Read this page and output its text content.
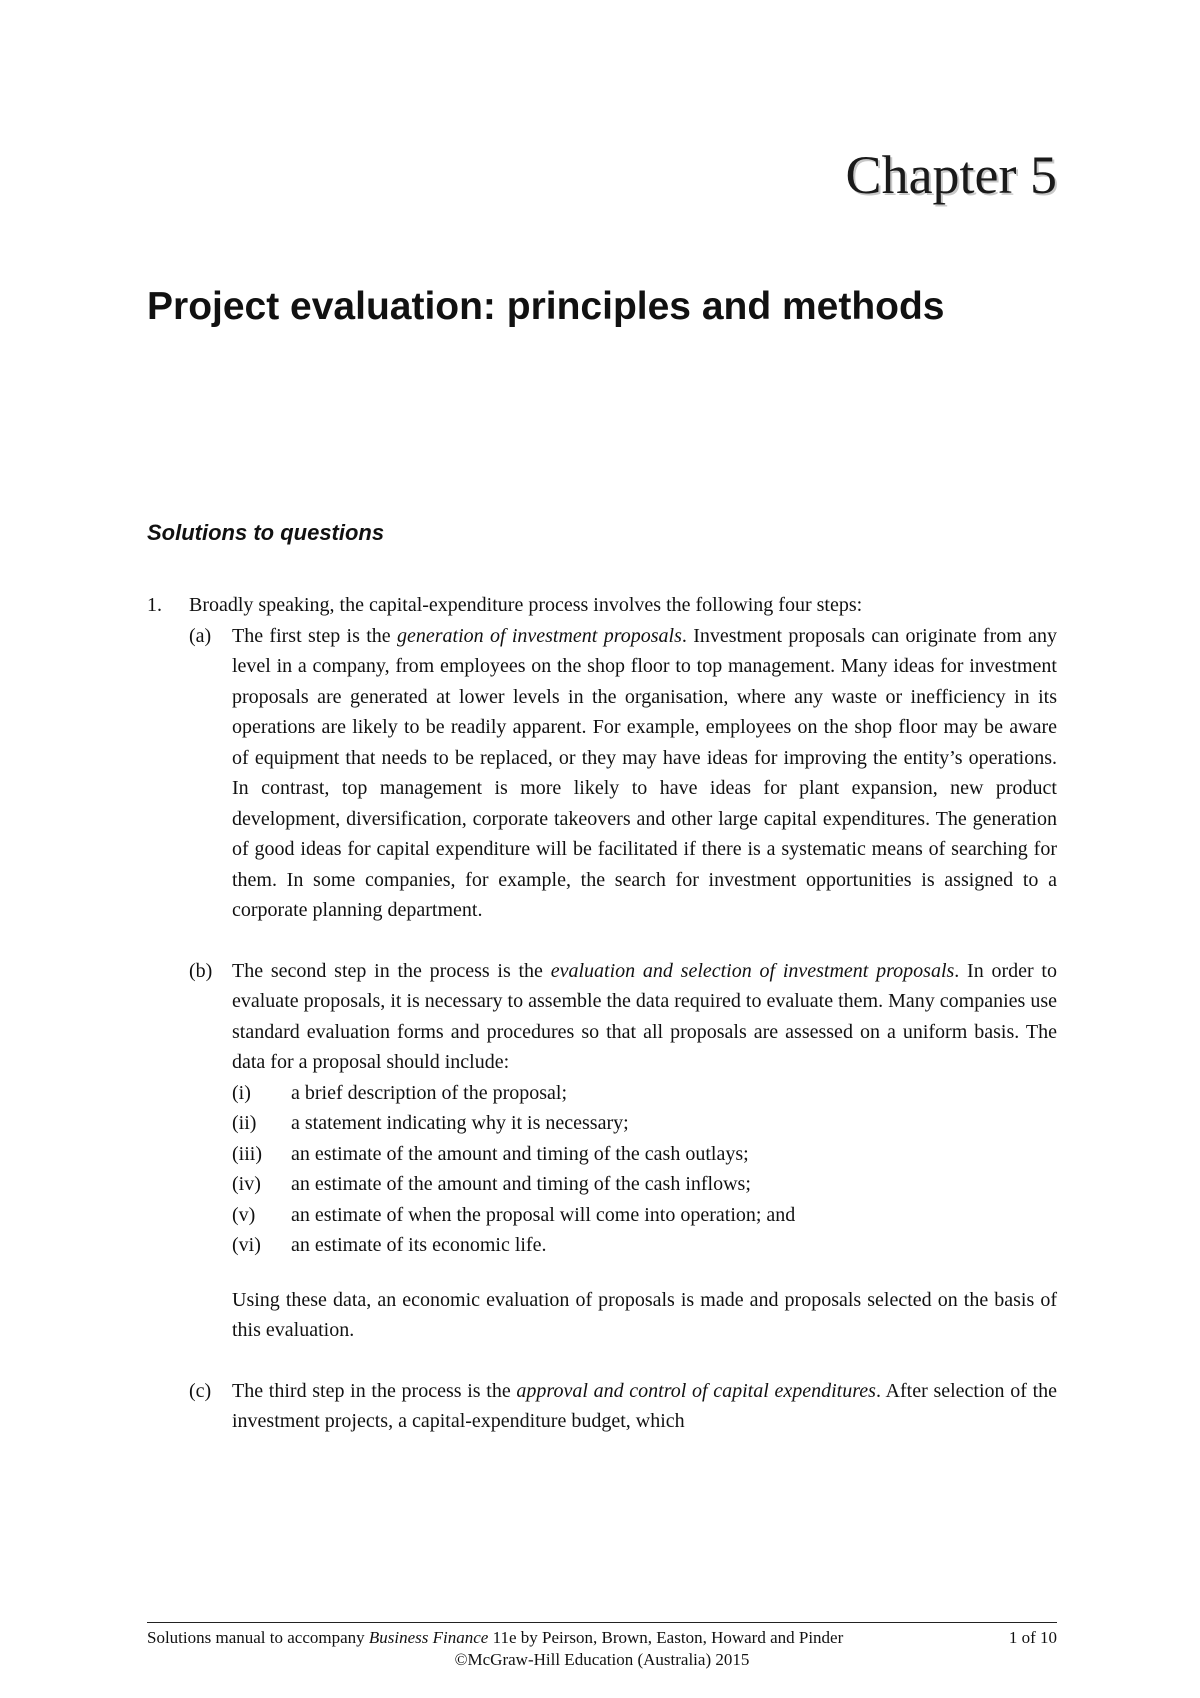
Chapter 5
Project evaluation: principles and methods
Solutions to questions
1.	Broadly speaking, the capital-expenditure process involves the following four steps:
(a)	The first step is the generation of investment proposals. Investment proposals can originate from any level in a company, from employees on the shop floor to top management. Many ideas for investment proposals are generated at lower levels in the organisation, where any waste or inefficiency in its operations are likely to be readily apparent. For example, employees on the shop floor may be aware of equipment that needs to be replaced, or they may have ideas for improving the entity’s operations. In contrast, top management is more likely to have ideas for plant expansion, new product development, diversification, corporate takeovers and other large capital expenditures. The generation of good ideas for capital expenditure will be facilitated if there is a systematic means of searching for them. In some companies, for example, the search for investment opportunities is assigned to a corporate planning department.
(b) The second step in the process is the evaluation and selection of investment proposals. In order to evaluate proposals, it is necessary to assemble the data required to evaluate them. Many companies use standard evaluation forms and procedures so that all proposals are assessed on a uniform basis. The data for a proposal should include:
(i)	a brief description of the proposal;
(ii)	a statement indicating why it is necessary;
(iii)	an estimate of the amount and timing of the cash outlays;
(iv)	an estimate of the amount and timing of the cash inflows;
(v)	an estimate of when the proposal will come into operation; and
(vi)	an estimate of its economic life.
Using these data, an economic evaluation of proposals is made and proposals selected on the basis of this evaluation.
(c)	The third step in the process is the approval and control of capital expenditures. After selection of the investment projects, a capital-expenditure budget, which
Solutions manual to accompany Business Finance 11e by Peirson, Brown, Easton, Howard and Pinder	1 of 10
©McGraw-Hill Education (Australia) 2015
